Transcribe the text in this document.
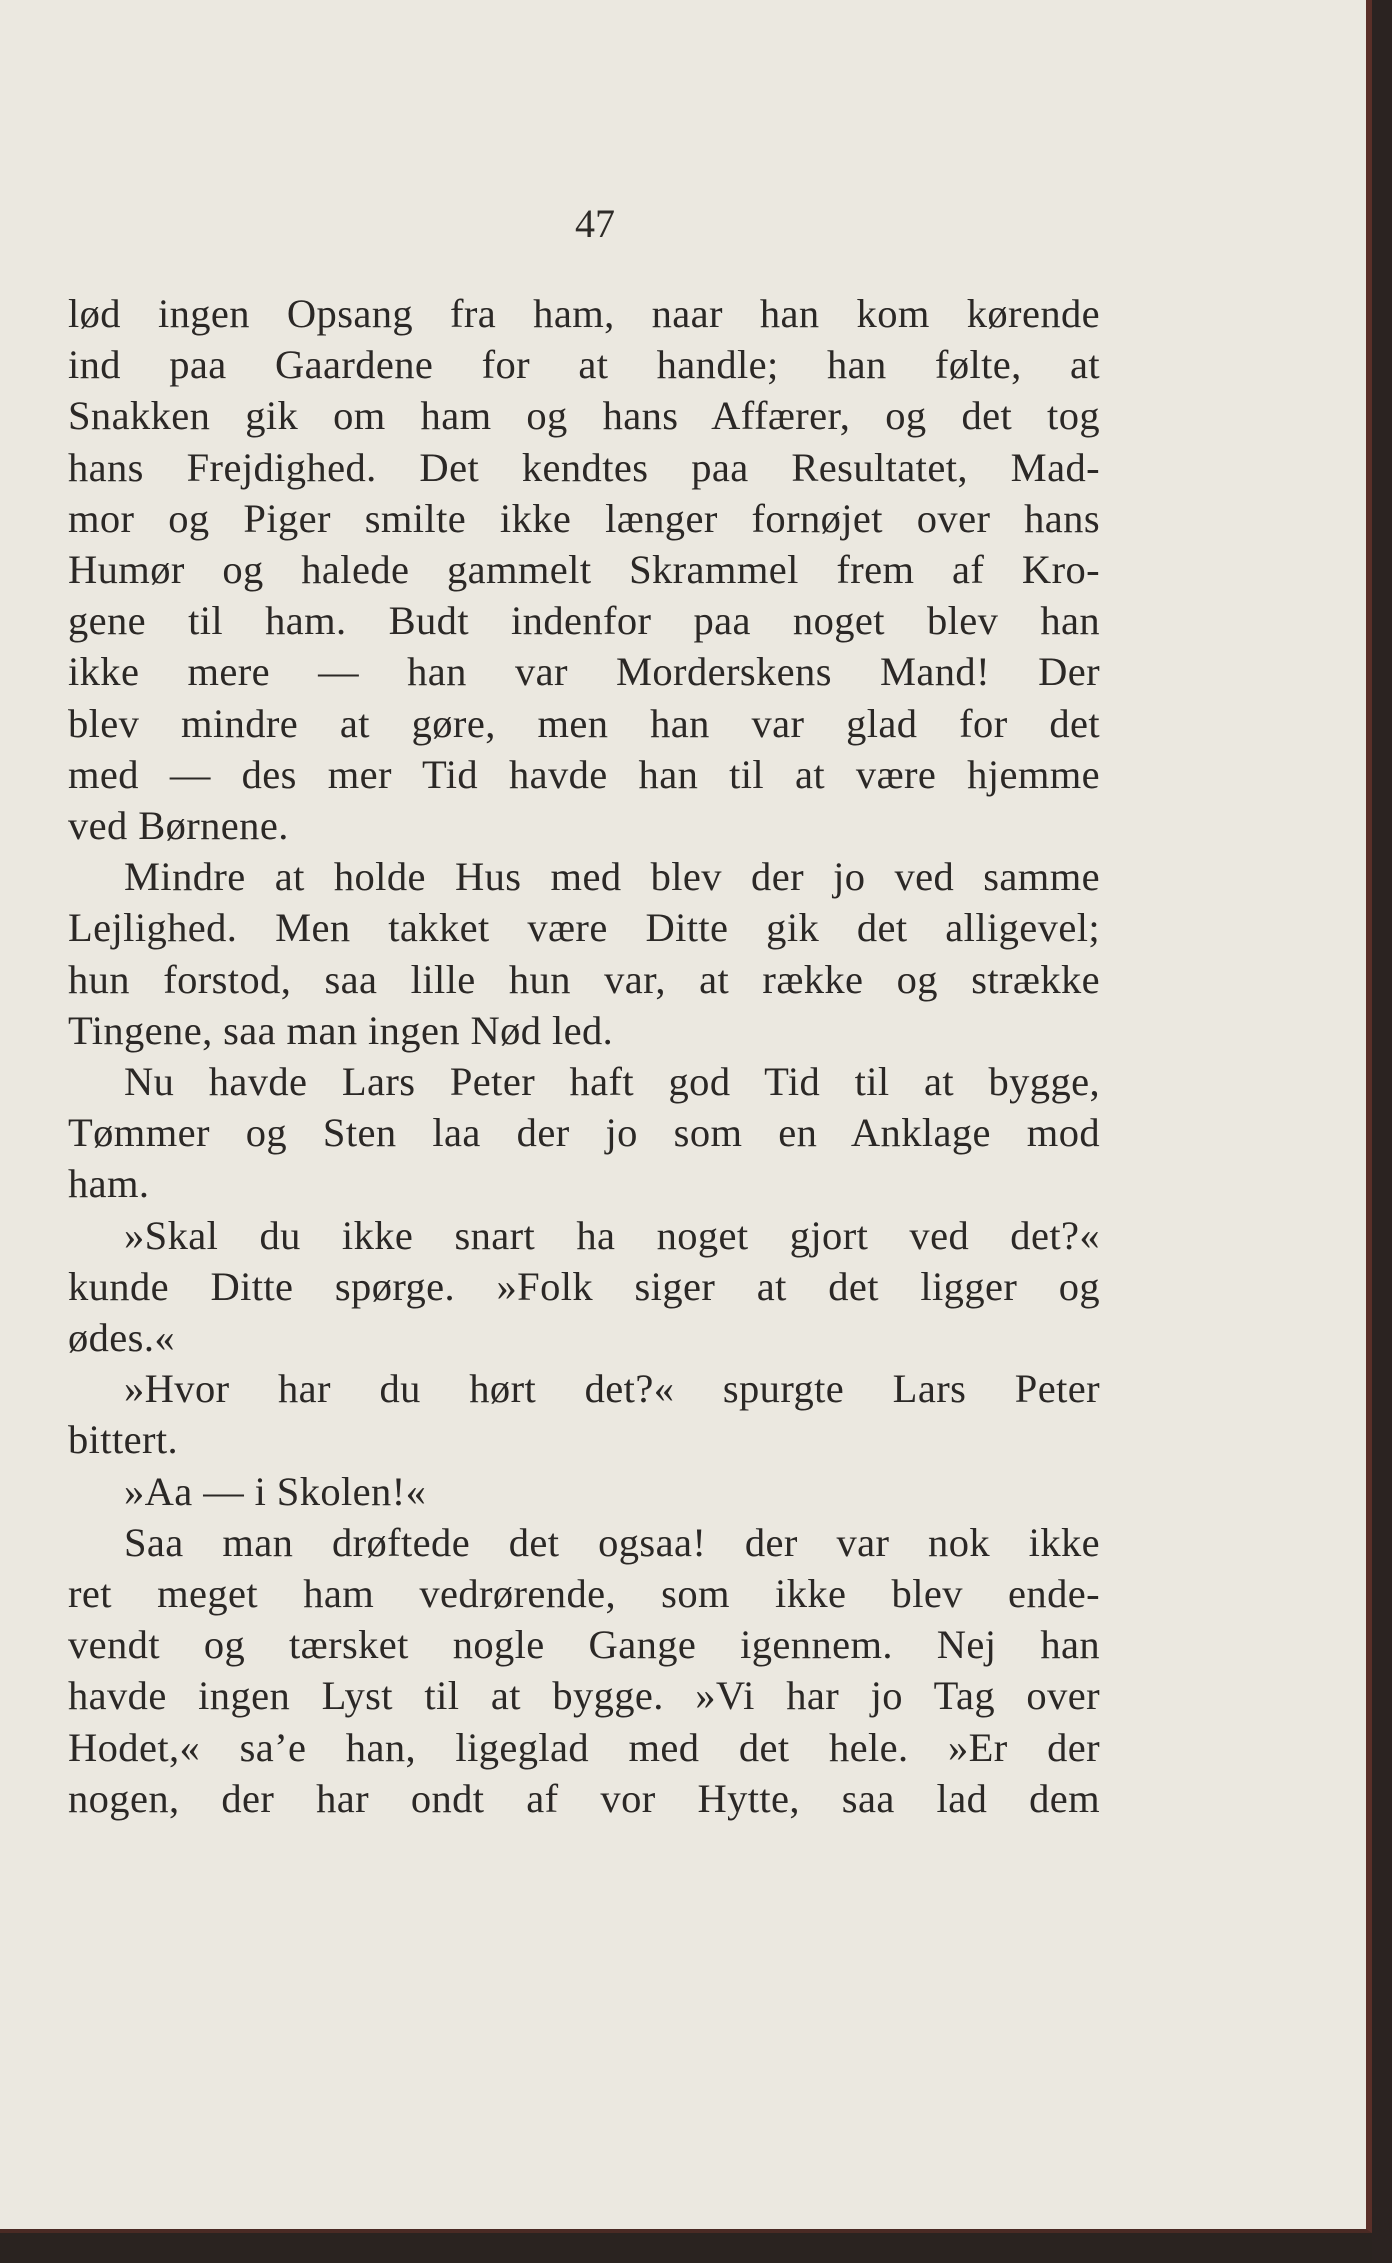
47
lød ingen Opsang fra ham, naar han kom kørende
ind paa Gaardene for at handle; han følte, at
Snakken gik om ham og hans Affærer, og det tog
hans Frejdighed. Det kendtes paa Resultatet, Mad-
mor og Piger smilte ikke længer fornøjet over hans
Humør og halede gammelt Skrammel frem af Kro-
gene til ham. Budt indenfor paa noget blev han
ikke mere — han var Morderskens Mand! Der
blev mindre at gøre, men han var glad for det
med — des mer Tid havde han til at være hjemme
ved Børnene.
Mindre at holde Hus med blev der jo ved samme
Lejlighed. Men takket være Ditte gik det alligevel;
hun forstod, saa lille hun var, at række og strække
Tingene, saa man ingen Nød led.
Nu havde Lars Peter haft god Tid til at bygge,
Tømmer og Sten laa der jo som en Anklage mod
ham.
»Skal du ikke snart ha noget gjort ved det?«
kunde Ditte spørge. »Folk siger at det ligger og
ødes.«
»Hvor har du hørt det?« spurgte Lars Peter
bittert.
»Aa — i Skolen!«
Saa man drøftede det ogsaa! der var nok ikke
ret meget ham vedrørende, som ikke blev ende-
vendt og tærsket nogle Gange igennem. Nej han
havde ingen Lyst til at bygge. »Vi har jo Tag over
Hodet,« sa’e han, ligeglad med det hele. »Er der
nogen, der har ondt af vor Hytte, saa lad dem
